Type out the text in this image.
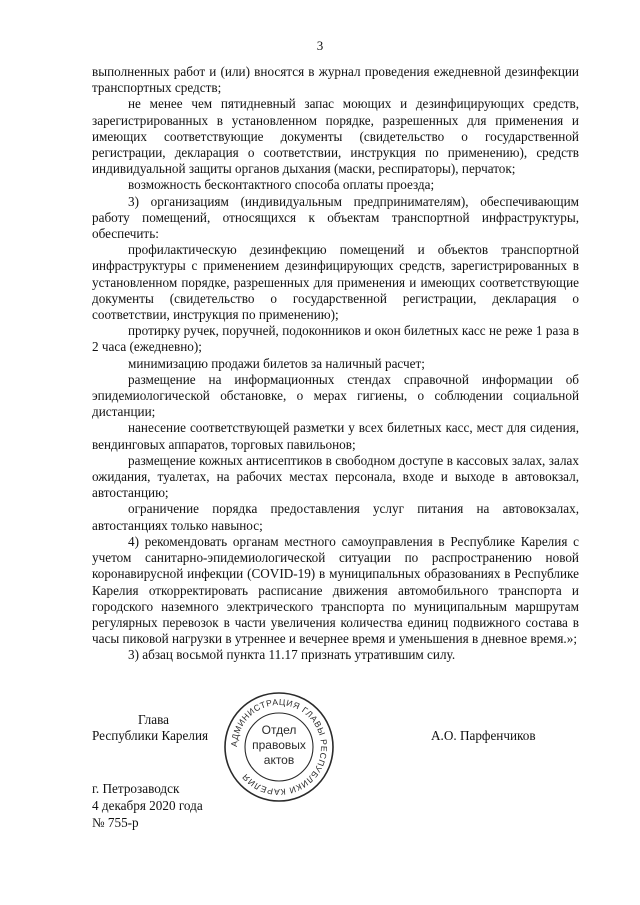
3

выполненных работ и (или) вносятся в журнал проведения ежедневной дезинфекции транспортных средств;

не менее чем пятидневный запас моющих и дезинфицирующих средств, зарегистрированных в установленном порядке, разрешенных для применения и имеющих соответствующие документы (свидетельство о государственной регистрации, декларация о соответствии, инструкция по применению), средств индивидуальной защиты органов дыхания (маски, респираторы), перчаток;

возможность бесконтактного способа оплаты проезда;

3) организациям (индивидуальным предпринимателям), обеспечивающим работу помещений, относящихся к объектам транспортной инфраструктуры, обеспечить:

профилактическую дезинфекцию помещений и объектов транспортной инфраструктуры с применением дезинфицирующих средств, зарегистрированных в установленном порядке, разрешенных для применения и имеющих соответствующие документы (свидетельство о государственной регистрации, декларация о соответствии, инструкция по применению);

протирку ручек, поручней, подоконников и окон билетных касс не реже 1 раза в 2 часа (ежедневно);

минимизацию продажи билетов за наличный расчет;

размещение на информационных стендах справочной информации об эпидемиологической обстановке, о мерах гигиены, о соблюдении социальной дистанции;

нанесение соответствующей разметки у всех билетных касс, мест для сидения, вендинговых аппаратов, торговых павильонов;

размещение кожных антисептиков в свободном доступе в кассовых залах, залах ожидания, туалетах, на рабочих местах персонала, входе и выходе в автовокзал, автостанцию;

ограничение порядка предоставления услуг питания на автовокзалах, автостанциях только навынос;

4) рекомендовать органам местного самоуправления в Республике Карелия с учетом санитарно-эпидемиологической ситуации по распространению новой коронавирусной инфекции (COVID-19) в муниципальных образованиях в Республике Карелия откорректировать расписание движения автомобильного транспорта и городского наземного электрического транспорта по муниципальным маршрутам регулярных перевозок в части увеличения количества единиц подвижного состава в часы пиковой нагрузки в утреннее и вечернее время и уменьшения в дневное время.»;

3) абзац восьмой пункта 11.17 признать утратившим силу.

Глава

Республики Карелия	А.О. Парфенчиков

АДМИНИСТРАЦИЯ ГЛАВЫ РЕСПУБЛИКИ КАРЕЛИЯ
Отдел
правовых
актов

г. Петрозаводск

4 декабря 2020 года

№ 755-р
